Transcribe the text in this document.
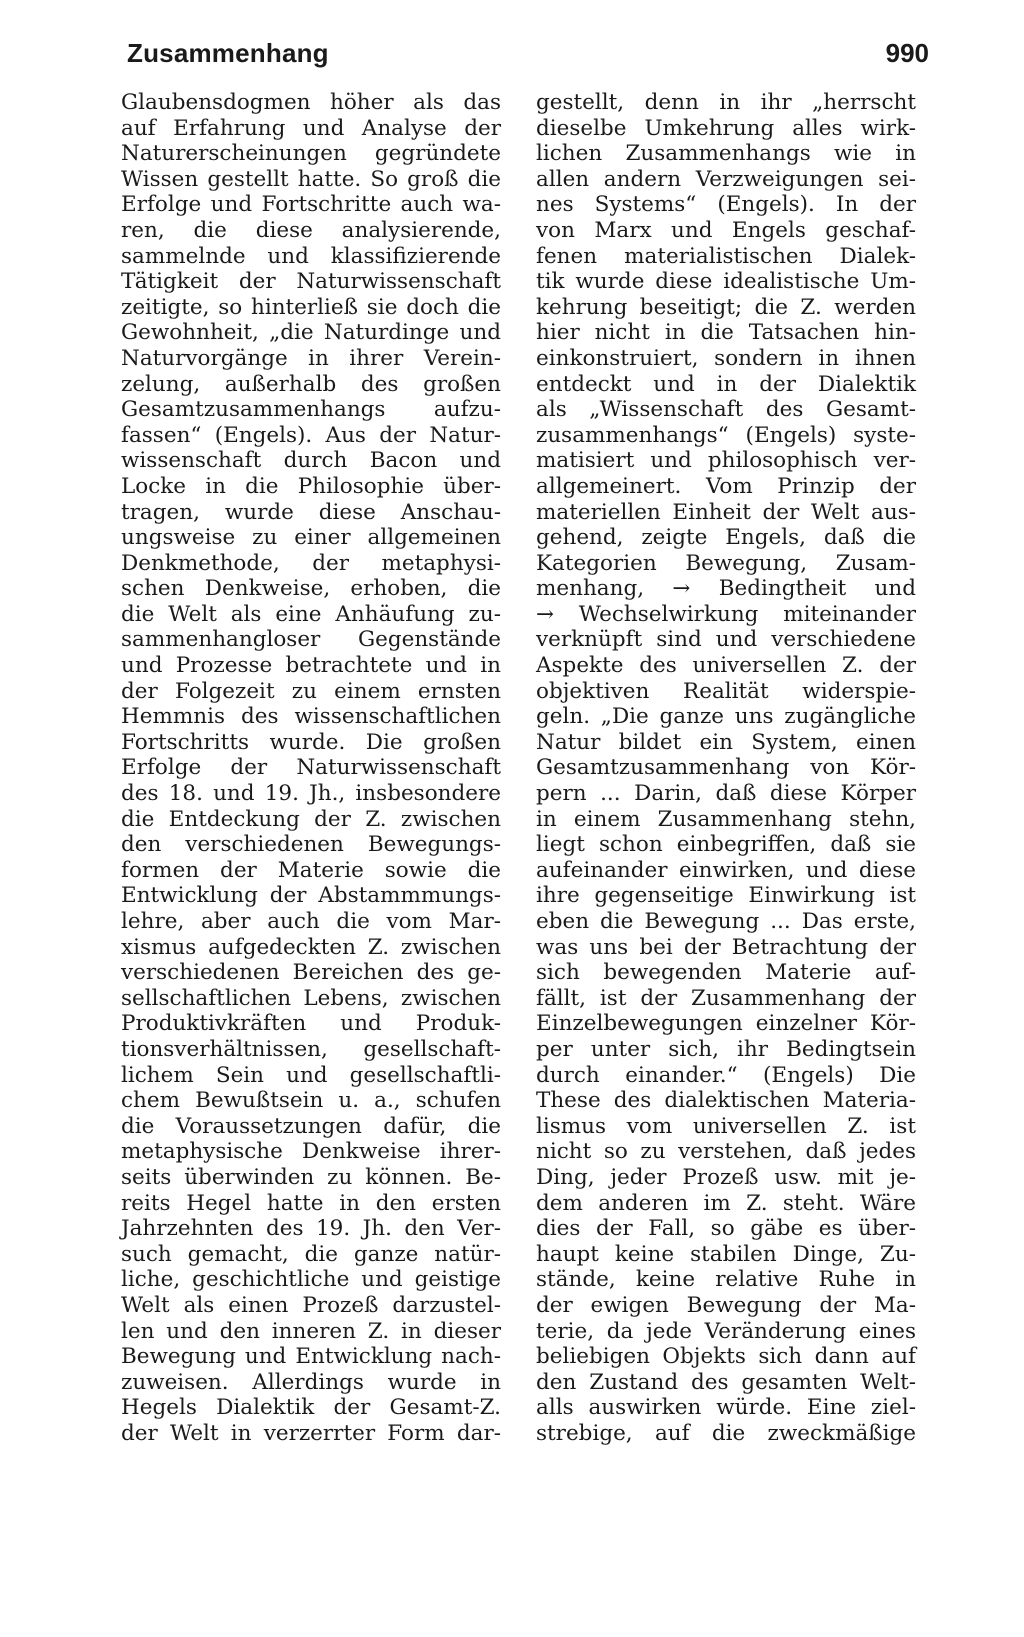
Zusammenhang	990
Glaubensdogmen höher als das
auf Erfahrung und Analyse der
Naturerscheinungen gegründete
Wissen gestellt hatte. So groß die
Erfolge und Fortschritte auch wa-
ren, die diese analysierende,
sammelnde und klassifizierende
Tätigkeit der Naturwissenschaft
zeitigte, so hinterließ sie doch die
Gewohnheit, „die Naturdinge und
Naturvorgänge in ihrer Verein-
zelung, außerhalb des großen
Gesamtzusammenhangs aufzu-
fassen“ (Engels). Aus der Natur-
wissenschaft durch Bacon und
Locke in die Philosophie über-
tragen, wurde diese Anschau-
ungsweise zu einer allgemeinen
Denkmethode, der metaphysi-
schen Denkweise, erhoben, die
die Welt als eine Anhäufung zu-
sammenhangloser Gegenstände
und Prozesse betrachtete und in
der Folgezeit zu einem ernsten
Hemmnis des wissenschaftlichen
Fortschritts wurde. Die großen
Erfolge der Naturwissenschaft
des 18. und 19. Jh., insbesondere
die Entdeckung der Z. zwischen
den verschiedenen Bewegungs-
formen der Materie sowie die
Entwicklung der Abstammmungs-
lehre, aber auch die vom Mar-
xismus aufgedeckten Z. zwischen
verschiedenen Bereichen des ge-
sellschaftlichen Lebens, zwischen
Produktivkräften und Produk-
tionsverhältnissen, gesellschaft-
lichem Sein und gesellschaftli-
chem Bewußtsein u. a., schufen
die Voraussetzungen dafür, die
metaphysische Denkweise ihrer-
seits überwinden zu können. Be-
reits Hegel hatte in den ersten
Jahrzehnten des 19. Jh. den Ver-
such gemacht, die ganze natür-
liche, geschichtliche und geistige
Welt als einen Prozeß darzustel-
len und den inneren Z. in dieser
Bewegung und Entwicklung nach-
zuweisen. Allerdings wurde in
Hegels Dialektik der Gesamt-Z.
der Welt in verzerrter Form dar-
gestellt, denn in ihr „herrscht
dieselbe Umkehrung alles wirk-
lichen Zusammenhangs wie in
allen andern Verzweigungen sei-
nes Systems“ (Engels). In der
von Marx und Engels geschaf-
fenen materialistischen Dialek-
tik wurde diese idealistische Um-
kehrung beseitigt; die Z. werden
hier nicht in die Tatsachen hin-
einkonstruiert, sondern in ihnen
entdeckt und in der Dialektik
als „Wissenschaft des Gesamt-
zusammenhangs“ (Engels) syste-
matisiert und philosophisch ver-
allgemeinert. Vom Prinzip der
materiellen Einheit der Welt aus-
gehend, zeigte Engels, daß die
Kategorien Bewegung, Zusam-
menhang, → Bedingtheit und
→ Wechselwirkung miteinander
verknüpft sind und verschiedene
Aspekte des universellen Z. der
objektiven Realität widerspie-
geln. „Die ganze uns zugängliche
Natur bildet ein System, einen
Gesamtzusammenhang von Kör-
pern ... Darin, daß diese Körper
in einem Zusammenhang stehn,
liegt schon einbegriffen, daß sie
aufeinander einwirken, und diese
ihre gegenseitige Einwirkung ist
eben die Bewegung ... Das erste,
was uns bei der Betrachtung der
sich bewegenden Materie auf-
fällt, ist der Zusammenhang der
Einzelbewegungen einzelner Kör-
per unter sich, ihr Bedingtsein
durch einander.“ (Engels) Die
These des dialektischen Materia-
lismus vom universellen Z. ist
nicht so zu verstehen, daß jedes
Ding, jeder Prozeß usw. mit je-
dem anderen im Z. steht. Wäre
dies der Fall, so gäbe es über-
haupt keine stabilen Dinge, Zu-
stände, keine relative Ruhe in
der ewigen Bewegung der Ma-
terie, da jede Veränderung eines
beliebigen Objekts sich dann auf
den Zustand des gesamten Welt-
alls auswirken würde. Eine ziel-
strebige, auf die zweckmäßige
